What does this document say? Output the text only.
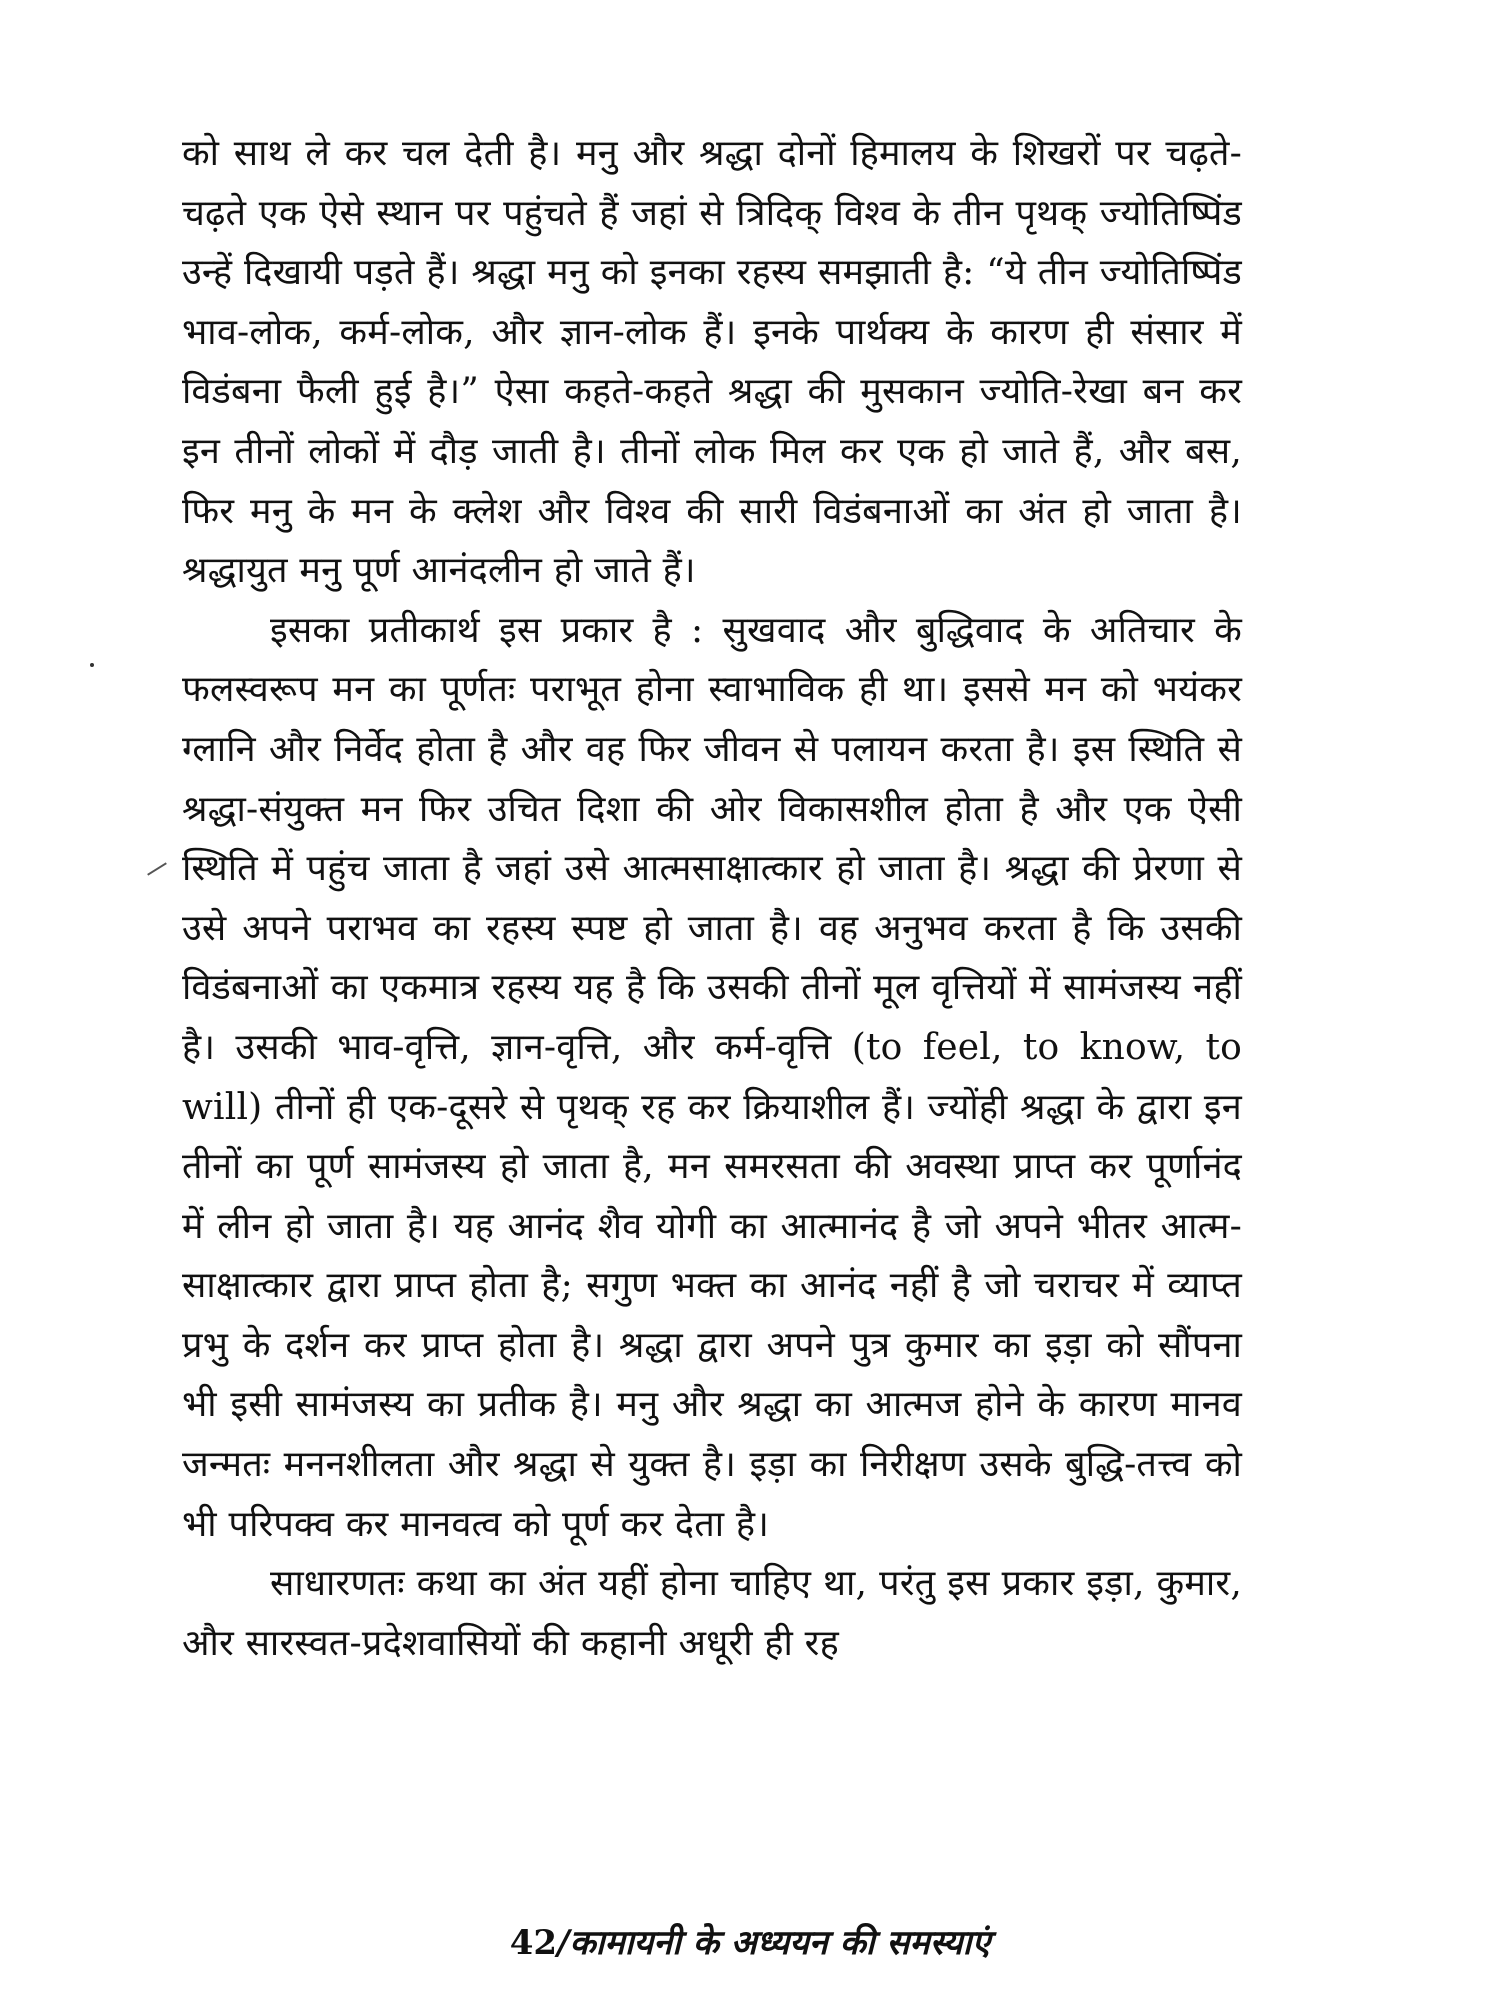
को साथ ले कर चल देती है। मनु और श्रद्धा दोनों हिमालय के शिखरों पर चढ़ते-चढ़ते एक ऐसे स्थान पर पहुंचते हैं जहां से त्रिदिक् विश्व के तीन पृथक् ज्योतिष्पिंड उन्हें दिखायी पड़ते हैं। श्रद्धा मनु को इनका रहस्य समझाती है: “ये तीन ज्योतिष्पिंड भाव-लोक, कर्म-लोक, और ज्ञान-लोक हैं। इनके पार्थक्य के कारण ही संसार में विडंबना फैली हुई है।” ऐसा कहते-कहते श्रद्धा की मुसकान ज्योति-रेखा बन कर इन तीनों लोकों में दौड़ जाती है। तीनों लोक मिल कर एक हो जाते हैं, और बस, फिर मनु के मन के क्लेश और विश्व की सारी विडंबनाओं का अंत हो जाता है। श्रद्धायुत मनु पूर्ण आनंदलीन हो जाते हैं।

इसका प्रतीकार्थ इस प्रकार है : सुखवाद और बुद्धिवाद के अतिचार के फलस्वरूप मन का पूर्णतः पराभूत होना स्वाभाविक ही था। इससे मन को भयंकर ग्लानि और निर्वेद होता है और वह फिर जीवन से पलायन करता है। इस स्थिति से श्रद्धा-संयुक्त मन फिर उचित दिशा की ओर विकासशील होता है और एक ऐसी स्थिति में पहुंच जाता है जहां उसे आत्मसाक्षात्कार हो जाता है। श्रद्धा की प्रेरणा से उसे अपने पराभव का रहस्य स्पष्ट हो जाता है। वह अनुभव करता है कि उसकी विडंबनाओं का एकमात्र रहस्य यह है कि उसकी तीनों मूल वृत्तियों में सामंजस्य नहीं है। उसकी भाव-वृत्ति, ज्ञान-वृत्ति, और कर्म-वृत्ति (to feel, to know, to will) तीनों ही एक-दूसरे से पृथक् रह कर क्रियाशील हैं। ज्योंही श्रद्धा के द्वारा इन तीनों का पूर्ण सामंजस्य हो जाता है, मन समरसता की अवस्था प्राप्त कर पूर्णानंद में लीन हो जाता है। यह आनंद शैव योगी का आत्मानंद है जो अपने भीतर आत्म-साक्षात्कार द्वारा प्राप्त होता है; सगुण भक्त का आनंद नहीं है जो चराचर में व्याप्त प्रभु के दर्शन कर प्राप्त होता है। श्रद्धा द्वारा अपने पुत्र कुमार का इड़ा को सौंपना भी इसी सामंजस्य का प्रतीक है। मनु और श्रद्धा का आत्मज होने के कारण मानव जन्मतः मननशीलता और श्रद्धा से युक्त है। इड़ा का निरीक्षण उसके बुद्धि-तत्त्व को भी परिपक्व कर मानवत्व को पूर्ण कर देता है।

साधारणतः कथा का अंत यहीं होना चाहिए था, परंतु इस प्रकार इड़ा, कुमार, और सारस्वत-प्रदेशवासियों की कहानी अधूरी ही रह

42/कामायनी के अध्ययन की समस्याएं
